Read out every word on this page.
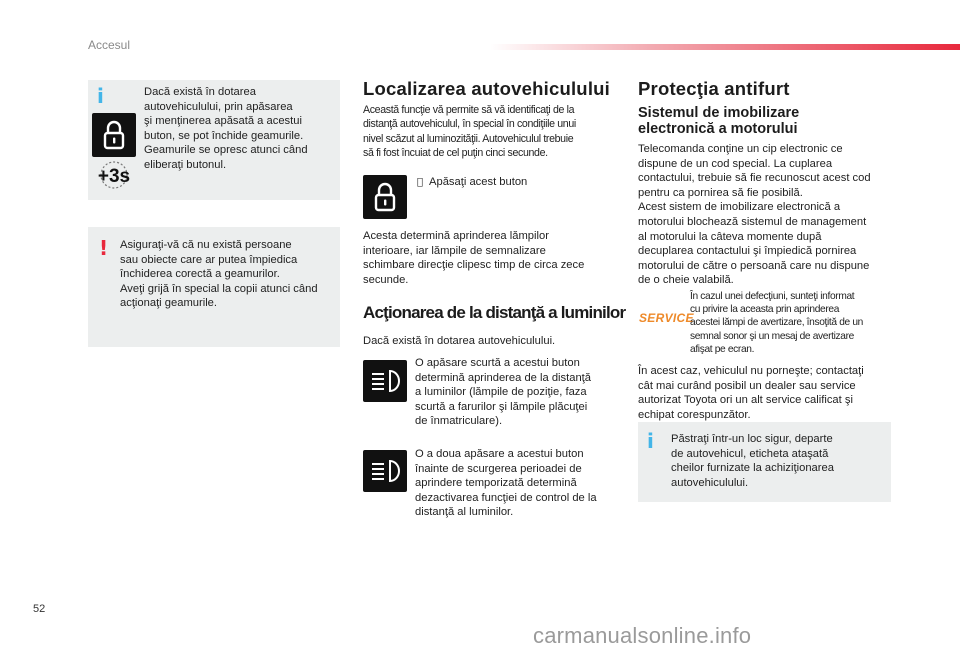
Accesul
i
+3s
Dacă există în dotarea
autovehiculului, prin apăsarea
şi menţinerea apăsată a acestui
buton, se pot închide geamurile.
Geamurile se opresc atunci când
eliberaţi butonul.
! Asiguraţi-vă că nu există persoane
sau obiecte care ar putea împiedica
închiderea corectă a geamurilor.
Aveţi grijă în special la copii atunci când
acţionaţi geamurile.
Localizarea autovehiculului
Această funcţie vă permite să vă identificaţi de la
distanţă autovehiculul, în special în condiţiile unui
nivel scăzut al luminozităţii. Autovehiculul trebuie
să fi fost încuiat de cel puţin cinci secunde.
Apăsaţi acest buton
Acesta determină aprinderea lămpilor
interioare, iar lămpile de semnalizare
schimbare direcţie clipesc timp de circa zece
secunde.
Acţionarea de la distanţă a luminilor
Dacă există în dotarea autovehiculului.
O apăsare scurtă a acestui buton
determină aprinderea de la distanţă
a luminilor (lămpile de poziţie, faza
scurtă a farurilor şi lămpile plăcuţei
de înmatriculare).
O a doua apăsare a acestui buton
înainte de scurgerea perioadei de
aprindere temporizată determină
dezactivarea funcţiei de control de la
distanţă al luminilor.
Protecţia antifurt
Sistemul de imobilizare
electronică a motorului
Telecomanda conţine un cip electronic ce
dispune de un cod special. La cuplarea
contactului, trebuie să fie recunoscut acest cod
pentru ca pornirea să fie posibilă.
Acest sistem de imobilizare electronică a
motorului blochează sistemul de management
al motorului la câteva momente după
decuplarea contactului şi împiedică pornirea
motorului de către o persoană care nu dispune
de o cheie valabilă.
SERVICE
În cazul unei defecţiuni, sunteţi informat
cu privire la aceasta prin aprinderea
acestei lămpi de avertizare, însoţită de un
semnal sonor şi un mesaj de avertizare
afişat pe ecran.
În acest caz, vehiculul nu porneşte; contactaţi
cât mai curând posibil un dealer sau service
autorizat Toyota ori un alt service calificat şi
echipat corespunzător.
i Păstraţi într-un loc sigur, departe
de autovehicul, eticheta ataşată
cheilor furnizate la achiziţionarea
autovehiculului.
52
carmanualsonline.info
